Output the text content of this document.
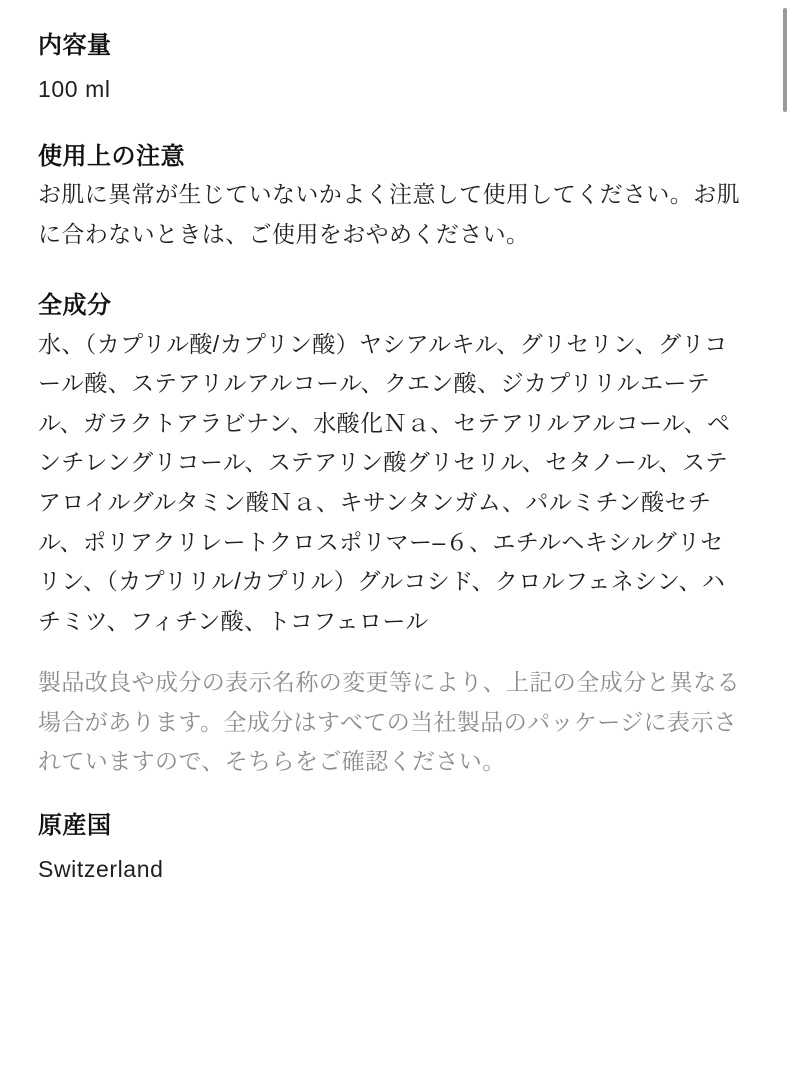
内容量

100 ml

使用上の注意

お肌に異常が生じていないかよく注意して使用してください。お肌に合わないときは、ご使用をおやめください。

全成分

水、（カプリル酸/カプリン酸）ヤシアルキル、グリセリン、グリコール酸、ステアリルアルコール、クエン酸、ジカプリリルエーテル、ガラクトアラビナン、水酸化Ｎａ、セテアリルアルコール、ペンチレングリコール、ステアリン酸グリセリル、セタノール、ステアロイルグルタミン酸Ｎａ、キサンタンガム、パルミチン酸セチル、ポリアクリレートクロスポリマー–６、エチルヘキシルグリセリン、（カプリリル/カプリル）グルコシド、クロルフェネシン、ハチミツ、フィチン酸、トコフェロール

製品改良や成分の表示名称の変更等により、上記の全成分と異なる場合があります。全成分はすべての当社製品のパッケージに表示されていますので、そちらをご確認ください。

原産国

Switzerland
